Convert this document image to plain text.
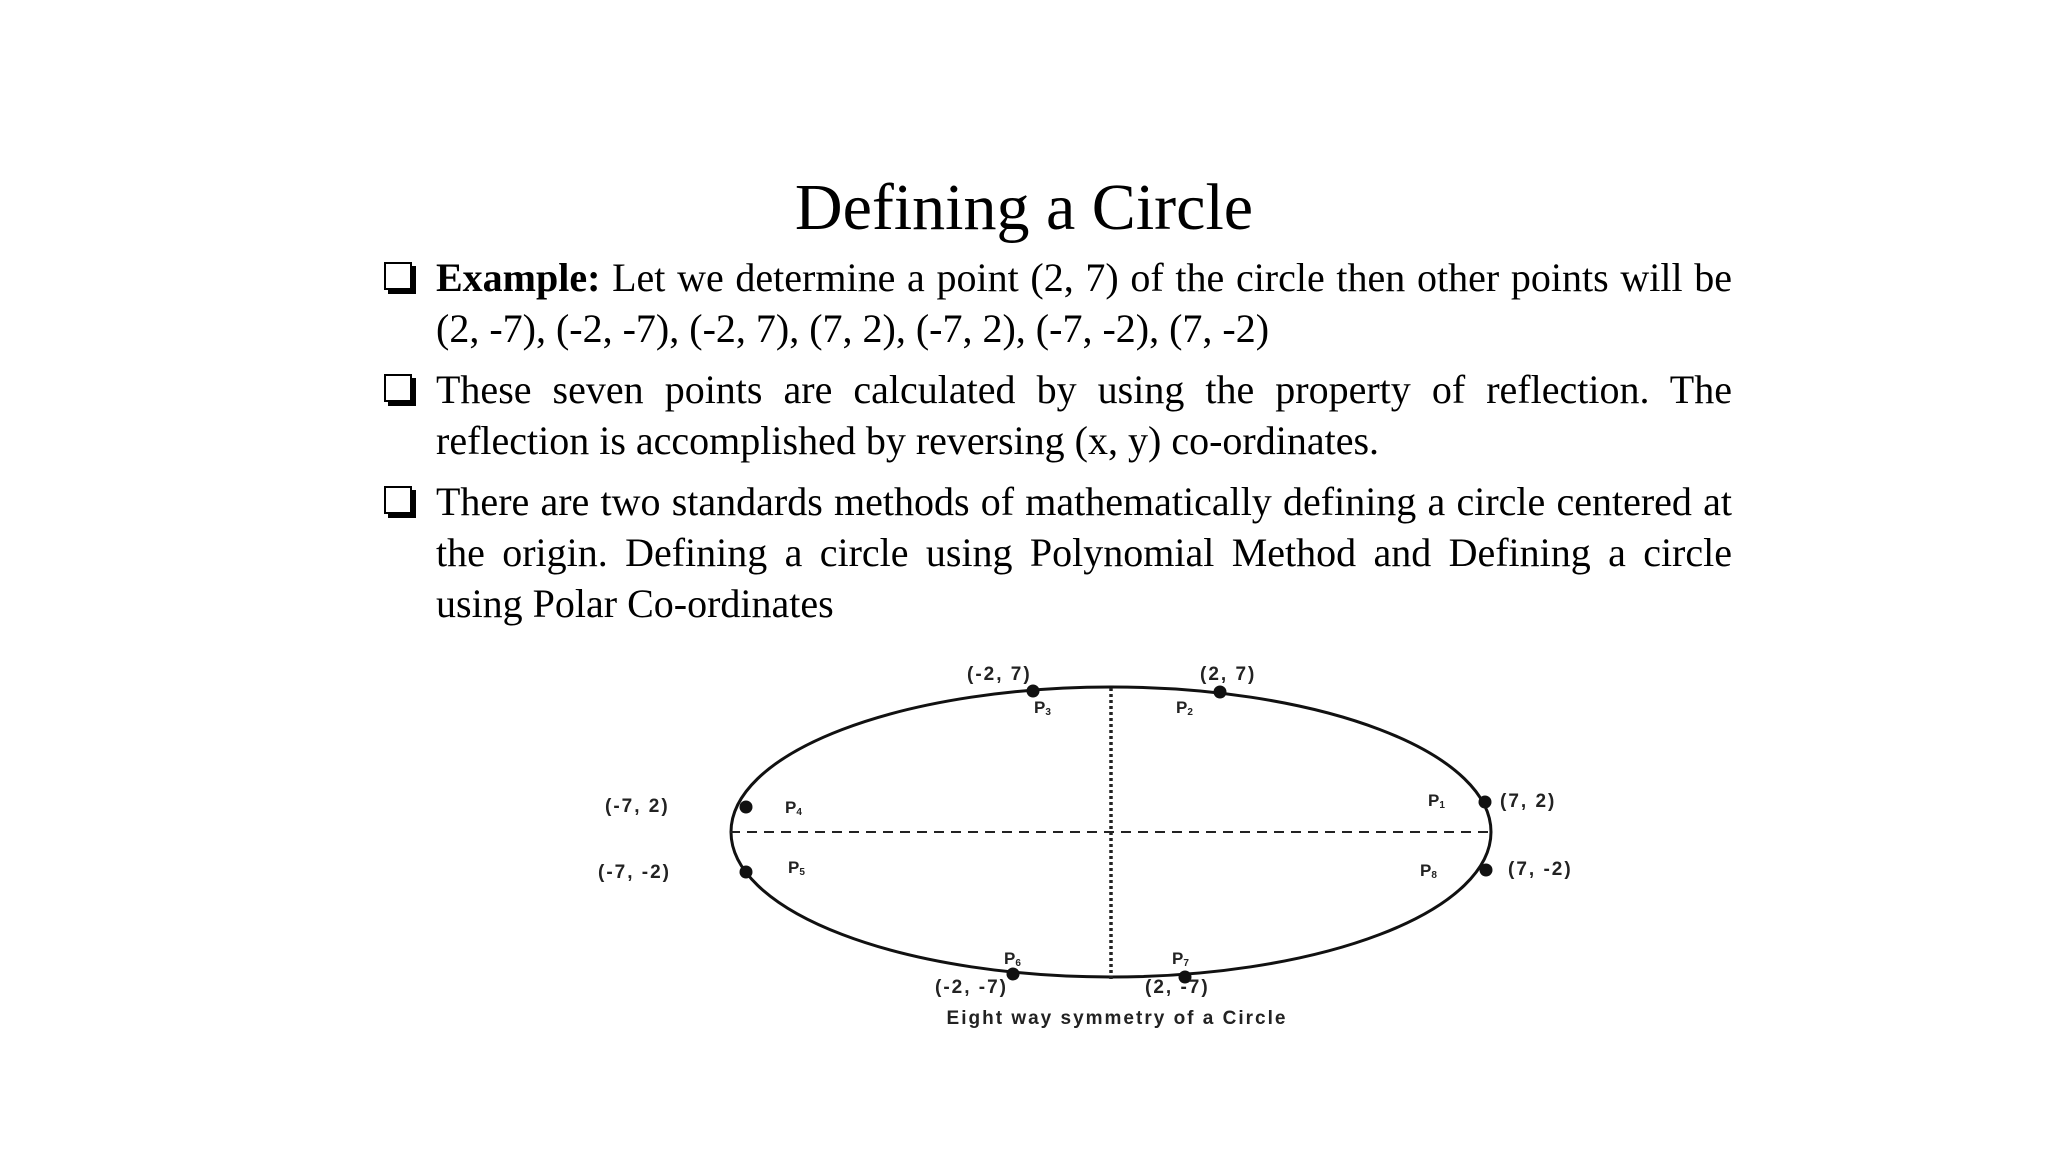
Defining a Circle
Example: Let we determine a point (2, 7) of the circle then other points will be (2, -7), (-2, -7), (-2, 7), (7, 2), (-7, 2), (-7, -2), (7, -2)
These seven points are calculated by using the property of reflection. The reflection is accomplished by reversing (x, y) co-ordinates.
There are two standards methods of mathematically defining a circle centered at the origin. Defining a circle using Polynomial Method and Defining a circle using Polar Co-ordinates
P1	(7, 2)
P2
(2, 7)
P3
(-2, 7)
P4
(-7, 2)
P5
(-7, -2)
P6
(-2, -7)
P7
(2, -7)
P8	(7, -2)
Eight way symmetry of a Circle
